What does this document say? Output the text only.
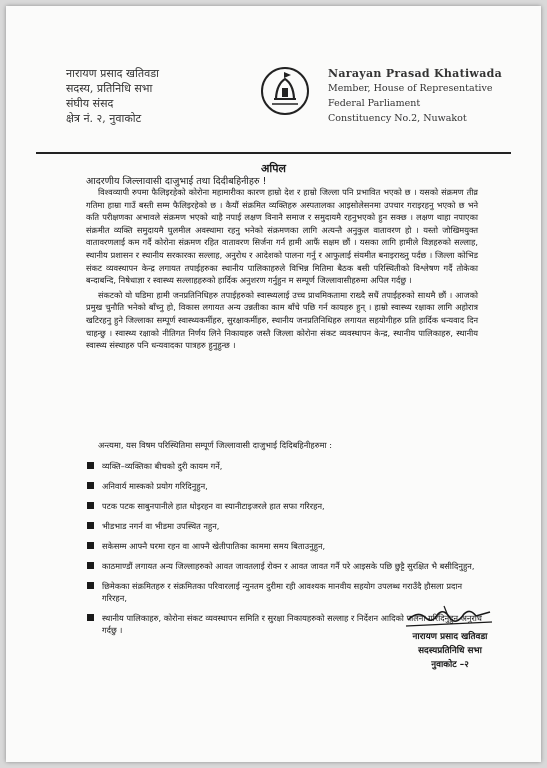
नारायण प्रसाद खतिवडा
सदस्य, प्रतिनिधि सभा
संघीय संसद
क्षेत्र नं. २, नुवाकोट
Narayan Prasad Khatiwada
Member, House of Representative
Federal Parliament
Constituency No.2, Nuwakot
अपिल
आदरणीय जिल्लावासी दाजुभाई तथा दिदीबहिनीहरु !

विश्वव्यापी रुपमा फैलिइरहेको कोरोना महामारीका कारण हाम्रो देश र हाम्रो जिल्ला पनि प्रभावित भएको छ । यसको संक्रमण तीव्र गतिमा हाम्रा गाउँ बस्ती सम्म फैलिइरहेको छ । कैयौं संक्रमित व्यक्तिहरु अस्पतालका आइसोलेसनमा उपचार गराइरहनु भएको छ भने कति परीक्षणका अभावले संक्रमण भएको थाहै नपाई लक्षण विनानै समाज र समुदायमै रहनुभएको हुन सक्छ । लक्षण थाहा नपाएका संक्रमीत व्यक्ति समुदायमै घुलमील अवस्थामा रहनु भनेको संक्रमणका लागि अत्यन्तै अनुकुल वातावरण हो । यस्तो जोखिमयुक्त वातावरणलाई कम गर्दै कोरोना संक्रमण रहित वातावरण सिर्जना गर्न हामी आफैं सक्षम छौं । यसका लागि हामीले विज्ञहरुको सल्लाह, स्थानीय प्रशासन र स्थानीय सरकारका सल्लाह, अनुरोध र आदेशको पालना गर्नु र आफुलाई संयमीत बनाइराख्नु पर्दछ । जिल्ला कोभिड संकट व्यवस्थापन केन्द्र लगायत तपाईहरुका स्थानीय पालिकाहरुले विभिन्न मितिमा बैठक बसी परिस्थितीको विश्लेषण गर्दै तोकेका बन्दाबन्दि, निषेधाज्ञा र स्वास्थ्य सल्लाहहरुको हार्दिक अनुशरण गर्नुहुन म सम्पूर्ण जिल्लावासीहरुमा अपिल गर्दछु ।

संकटको यो घडिमा हामी जनप्रतिनिधिहरु तपाईहरुको स्वास्थ्यलाई उच्च प्राथमिकतामा राख्दै सधैं तपाईहरुको साथमै छौं । आजको प्रमुख चुनौति भनेको बाँच्नु हो, विकास लगायत अन्य उन्नतीका काम बाँचे पछि गर्न कायहरु हुन् । हाम्रो स्वास्थ्य रक्षाका लागि अहोरात्र खटिरहनु हुने जिल्लाका सम्पूर्ण स्वास्थ्यकर्मीहरु, सुरक्षाकर्मीहरु, स्थानीय जनप्रतिनिधिहरु लगायत सहयोगीहरु प्रति हार्दिक धन्यवाद दिन चाहन्छु । स्वास्थ्य रक्षाको नीतिगत निर्णय लिने निकायहरु जस्तै जिल्ला कोरोना संकट व्यवस्थापन केन्द्र, स्थानीय पालिकाहरु, स्थानीय स्वास्थ्य संस्थाहरु पनि धन्यवादका पात्रहरु हुनुहुन्छ ।

अन्त्यमा, यस विषम परिस्थितिमा सम्पूर्ण जिल्लावासी दाजुभाई दिदिबहिनीहरुमा :
व्यक्ति–व्यक्तिका बीचको दुरी कायम गर्ने,
अनिवार्य मास्कको प्रयोग गरिदिनुहुन,
पटक पटक साबुनपानीले हात धोइरहन वा स्यानीटाइजरले हात सफा गरिरहन,
भीडभाड नगर्न वा भीडमा उपस्थित नहुन,
सकेसम्म आफ्नै घरमा रहन वा आफ्नै खेतीपातिका काममा समय बिताउनुहुन,
काठमाण्डौं लगायत अन्य जिल्लाहरुको आवत जावतलाई रोक्न र आवत जावत गर्नै परे आइसके पछि छुट्टै सुरक्षित भै बसीदिनुहुन,
छिमेकका संक्रमितहरु र संक्रमितका परिवारलाई न्युनतम दुरीमा रही आवश्यक मानवीय सहयोग उपलब्ध गराउँदै हौसला प्रदान गरिरहन,
स्थानीय पालिकाहरु, कोरोना संकट व्यवस्थापन समिति र सुरक्षा निकायहरुको सल्लाह र निर्देशन आदिको पालना गरिदिनुहुन अनुरोध गर्दछु ।
नारायण प्रसाद खतिवडा
सदस्यप्रतिनिधि सभा
नुवाकोट –२
